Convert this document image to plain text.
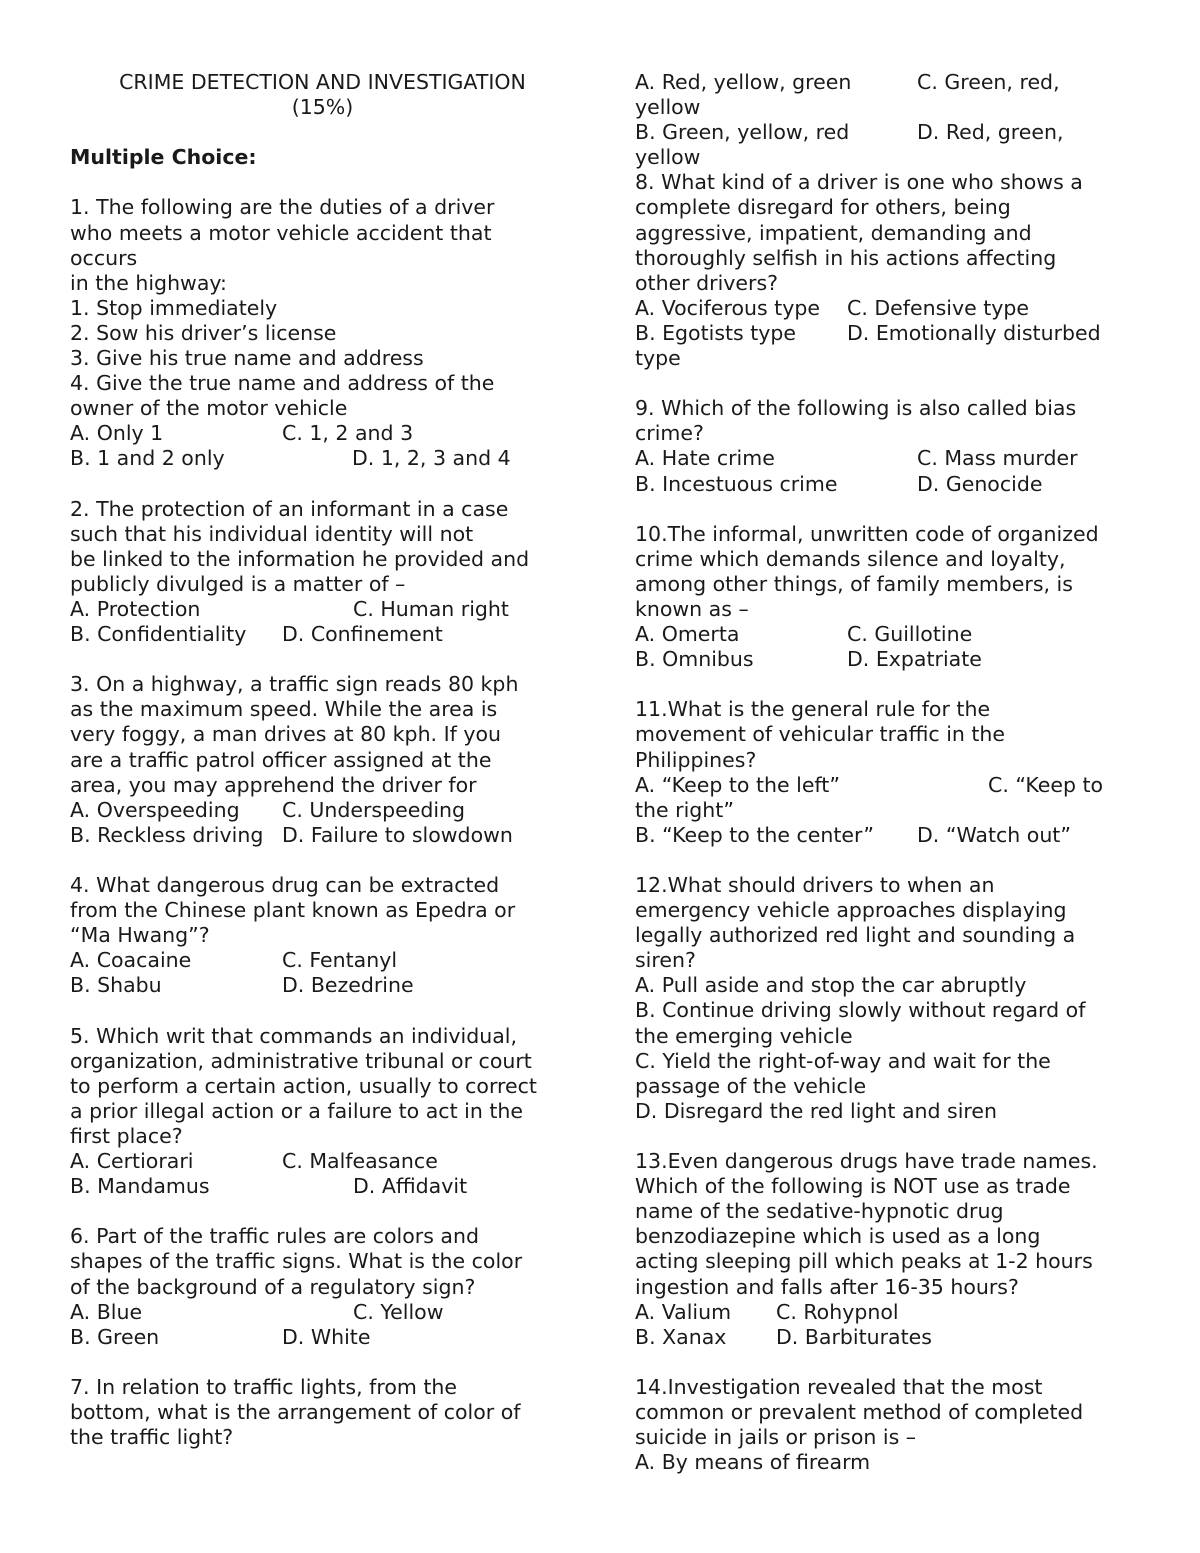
CRIME DETECTION AND INVESTIGATION
(15%)
Multiple Choice:
1. The following are the duties of a driver
who meets a motor vehicle accident that
occurs
in the highway:
1. Stop immediately
2. Sow his driver’s license
3. Give his true name and address
4. Give the true name and address of the
owner of the motor vehicle
A. Only 1	C. 1, 2 and 3
B. 1 and 2 only	D. 1, 2, 3 and 4
2. The protection of an informant in a case
such that his individual identity will not
be linked to the information he provided and
publicly divulged is a matter of –
A. Protection	C. Human right
B. Confidentiality D. Confinement
3. On a highway, a traffic sign reads 80 kph
as the maximum speed. While the area is
very foggy, a man drives at 80 kph. If you
are a traffic patrol officer assigned at the
area, you may apprehend the driver for
A. Overspeeding C. Underspeeding
B. Reckless driving D. Failure to slowdown
4. What dangerous drug can be extracted
from the Chinese plant known as Epedra or
“Ma Hwang”?
A. Coacaine	C. Fentanyl
B. Shabu	D. Bezedrine
5. Which writ that commands an individual,
organization, administrative tribunal or court
to perform a certain action, usually to correct
a prior illegal action or a failure to act in the
first place?
A. Certiorari	C. Malfeasance
B. Mandamus	D. Affidavit
6. Part of the traffic rules are colors and
shapes of the traffic signs. What is the color
of the background of a regulatory sign?
A. Blue	C. Yellow
B. Green	D. White
7. In relation to traffic lights, from the
bottom, what is the arrangement of color of
the traffic light?
A. Red, yellow, green	C. Green, red,
yellow
B. Green, yellow, red	D. Red, green,
yellow
8. What kind of a driver is one who shows a
complete disregard for others, being
aggressive, impatient, demanding and
thoroughly selfish in his actions affecting
other drivers?
A. Vociferous type C. Defensive type
B. Egotists type D. Emotionally disturbed
type
9. Which of the following is also called bias
crime?
A. Hate crime	C. Mass murder
B. Incestuous crime	D. Genocide
10.The informal, unwritten code of organized
crime which demands silence and loyalty,
among other things, of family members, is
known as –
A. Omerta	C. Guillotine
B. Omnibus	D. Expatriate
11.What is the general rule for the
movement of vehicular traffic in the
Philippines?
A. “Keep to the left”	C. “Keep to
the right”
B. “Keep to the center” D. “Watch out”
12.What should drivers to when an
emergency vehicle approaches displaying
legally authorized red light and sounding a
siren?
A. Pull aside and stop the car abruptly
B. Continue driving slowly without regard of
the emerging vehicle
C. Yield the right-of-way and wait for the
passage of the vehicle
D. Disregard the red light and siren
13.Even dangerous drugs have trade names.
Which of the following is NOT use as trade
name of the sedative-hypnotic drug
benzodiazepine which is used as a long
acting sleeping pill which peaks at 1-2 hours
ingestion and falls after 16-35 hours?
A. Valium C. Rohypnol
B. Xanax D. Barbiturates
14.Investigation revealed that the most
common or prevalent method of completed
suicide in jails or prison is –
A. By means of firearm
